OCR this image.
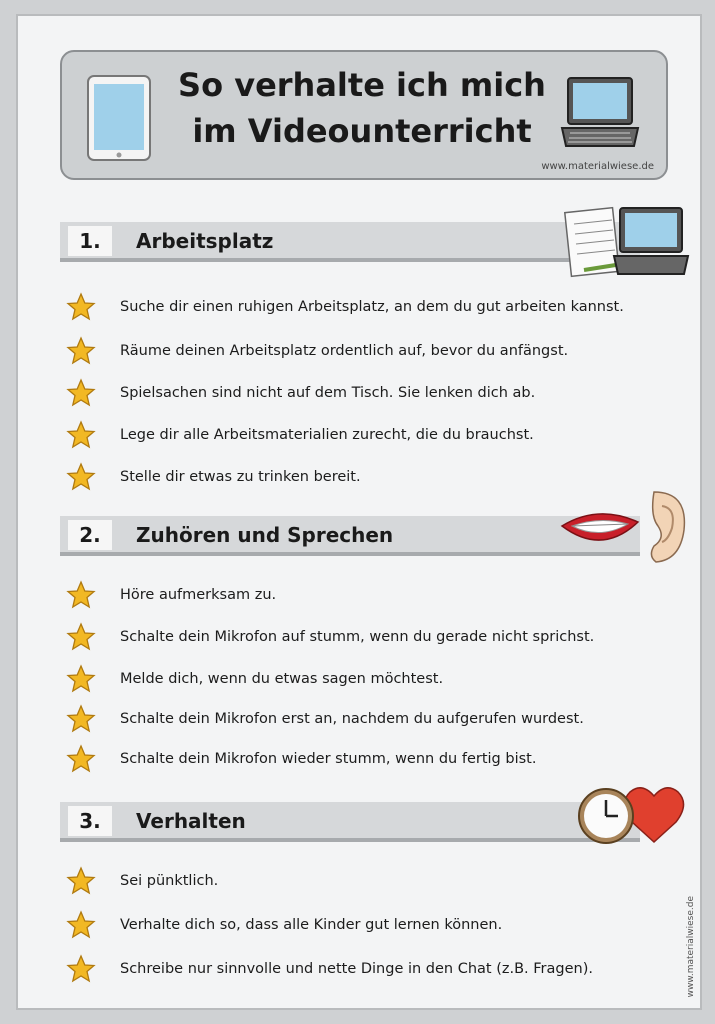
So verhalte ich mich
im Videounterricht
www.materialwiese.de
1.	Arbeitsplatz
Suche dir einen ruhigen Arbeitsplatz, an dem du gut arbeiten kannst.
Räume deinen Arbeitsplatz ordentlich auf, bevor du anfängst.
Spielsachen sind nicht auf dem Tisch. Sie lenken dich ab.
Lege dir alle Arbeitsmaterialien zurecht, die du brauchst.
Stelle dir etwas zu trinken bereit.
2.	Zuhören und Sprechen
Höre aufmerksam zu.
Schalte dein Mikrofon auf stumm, wenn du gerade nicht sprichst.
Melde dich, wenn du etwas sagen möchtest.
Schalte dein Mikrofon erst an, nachdem du aufgerufen wurdest.
Schalte dein Mikrofon wieder stumm, wenn du fertig bist.
3.	Verhalten
Sei pünktlich.
Verhalte dich so, dass alle Kinder gut lernen können.
Schreibe nur sinnvolle und nette Dinge in den Chat (z.B. Fragen).	www.materialwiese.de
